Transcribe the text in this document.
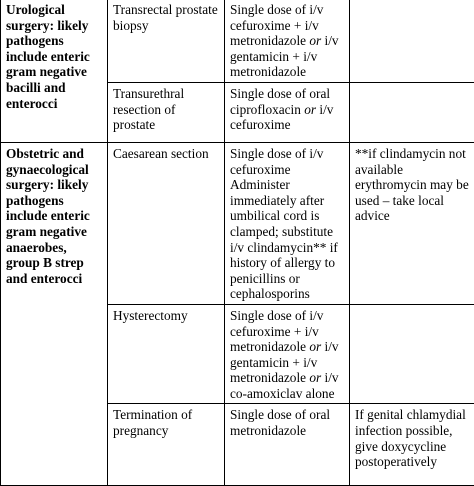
Urological surgery: likely pathogens include enteric gram negative bacilli and enterocci	Transrectal prostate biopsy	Single dose of i/v cefuroxime + i/v metronidazole or i/v gentamicin + i/v metronidazole	
	Transurethral resection of prostate	Single dose of oral ciprofloxacin or i/v cefuroxime	
Obstetric and gynaecological surgery: likely pathogens include enteric gram negative anaerobes, group B strep and enterocci	Caesarean section	Single dose of i/v cefuroxime Administer immediately after umbilical cord is clamped; substitute i/v clindamycin** if history of allergy to penicillins or cephalosporins	**if clindamycin not available erythromycin may be used – take local advice
	Hysterectomy	Single dose of i/v cefuroxime + i/v metronidazole or i/v gentamicin + i/v metronidazole or i/v co-amoxiclav alone	
	Termination of pregnancy	Single dose of oral metronidazole	If genital chlamydial infection possible, give doxycycline postoperatively
